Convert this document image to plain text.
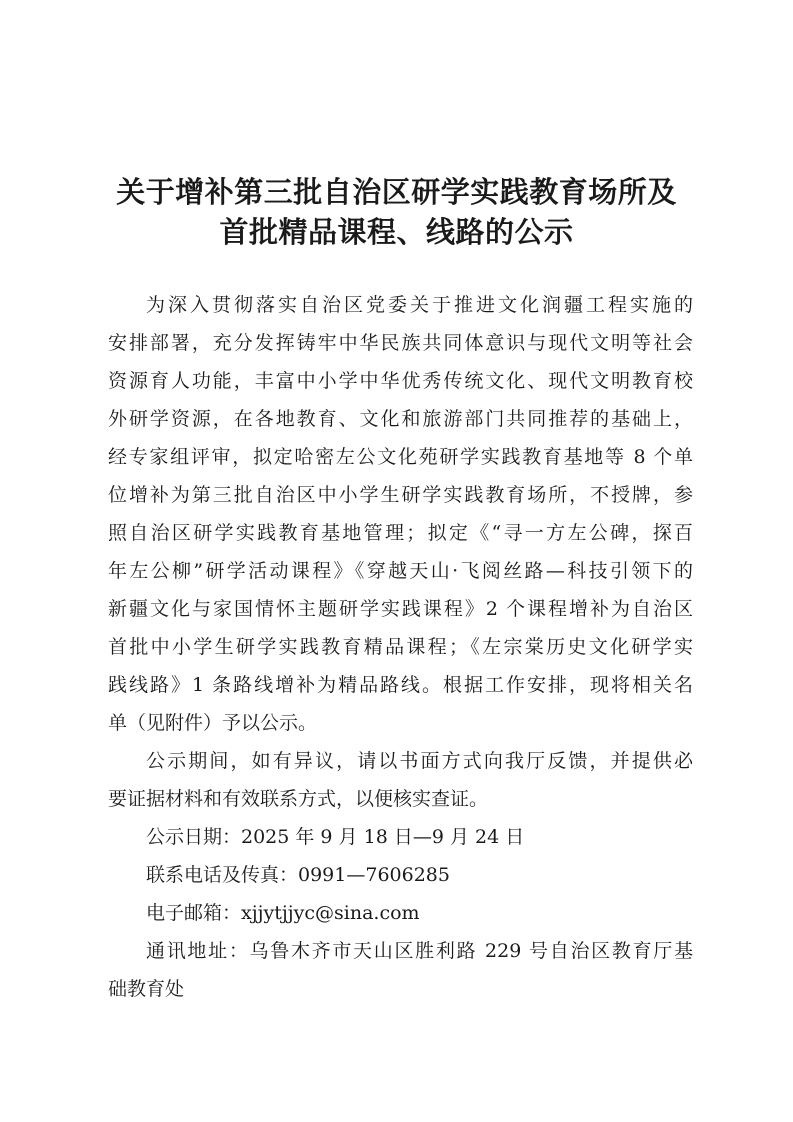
关于增补第三批自治区研学实践教育场所及
首批精品课程、线路的公示

为深入贯彻落实自治区党委关于推进文化润疆工程实施的

安排部署，充分发挥铸牢中华民族共同体意识与现代文明等社会

资源育人功能，丰富中小学中华优秀传统文化、现代文明教育校

外研学资源，在各地教育、文化和旅游部门共同推荐的基础上，

经专家组评审，拟定哈密左公文化苑研学实践教育基地等 8 个单

位增补为第三批自治区中小学生研学实践教育场所，不授牌，参

照自治区研学实践教育基地管理；拟定《“寻一方左公碑，探百

年左公柳”研学活动课程》《穿越天山·飞阅丝路—科技引领下的

新疆文化与家国情怀主题研学实践课程》2 个课程增补为自治区

首批中小学生研学实践教育精品课程；《左宗棠历史文化研学实

践线路》1 条路线增补为精品路线。根据工作安排，现将相关名

单（见附件）予以公示。

公示期间，如有异议，请以书面方式向我厅反馈，并提供必

要证据材料和有效联系方式，以便核实查证。

公示日期：2025 年 9 月 18 日—9 月 24 日

联系电话及传真：0991—7606285

电子邮箱：xjjytjjyc@sina.com

通讯地址：乌鲁木齐市天山区胜利路 229 号自治区教育厅基

础教育处
